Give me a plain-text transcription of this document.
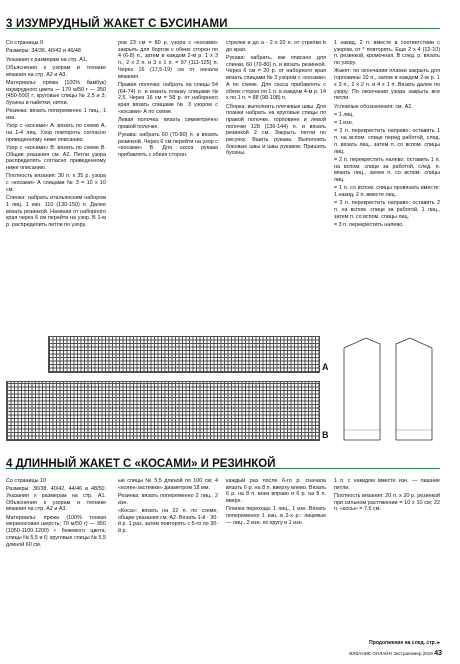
3 ИЗУМРУДНЫЙ ЖАКЕТ С БУСИНАМИ

Со страницы 9

Размеры: 34/36, 40/42 и 46/48

Указания к размерам на стр. А1.

Объяснения к узорам и технике вязания на стр. А2 и А3.

Материалы: пряжа (100% бамбук) изумрудного цвета — 170 м/50 г — 350 (450-500) г; круговые спицы № 2,5 и 3; бусины и пайетки; нитки.

Резинка: вязать попеременно 1 лиц., 1 изн.

Узор с «косами» А: вязать по схеме А, на 1-4 лиц. Узор повторять согласно приведенному ниже описанию.

Узор с «косами» В: вязать по схеме В. Общие указания см. А2. Петли узора распределять согласно приведенному ниже описанию.

Плотность вязания: 30 п. х 35 р. узора с «косами» А спицами № 3 = 10 х 10 см.

Спинка: набрать итальянским набором 1 лиц. 1 изн. 110 (130-150) п. Далее вязать резинкой. Начиная от наборного края через 6 см перейти на узор. В 1-м р. распределить петли по узору.

ров 23 см = 80 р. узора с «косами» закрыть для бортов с обеих сторон по 4 (6-8) п., затем в каждом 2-м р. 1 х 3 п., 2 х 2 п. и 3 х 1 п. = 97 (111-125) п. Через 16 (17,5-19) см от начала вязания.

Правая полочка: набрать на спицы 54 (64-74) п. и вязать планку спицами № 2,5. Через 16 см = 58 р. от наборного края вязать спицами № 3 узором с «косами» А по схеме.

Левая полочка: вязать симметрично правой полочке.

Рукава: набрать 60 (70-80) п. и вязать резинкой. Через 6 см перейти на узор с «косами» В. Для скоса рукава прибавлять с обеих сторон.

стрелки и до а - 2 х 20 п. от стрелки b до края.

Рукава: набрать, как описано для спинки, 60 (70-80) п. и вязать резинкой. Через 6 см = 20 р. от наборного края вязать спицами № 3 узором с «косами» А по схеме. Для скоса прибавлять с обеих сторон по 1 п. в каждом 4-м р. 14 х по 1 п. = 88 (98-108) п.

Сборка: выполнить плечевые швы. Для планки набрать на круговые спицы по правой полочке, горловине и левой полочке 128 (136-144) п. и вязать резинкой 2 см. Закрыть петли по рисунку. Вшить рукава. Выполнить боковые швы и швы рукавов. Пришить бусины.

1 накид, 2 п. вместе в соответствии с узором, от * повторять. Еще 2 х 4 (12-10) п. резинкой, кромочная. В след. р. вязать по узору.

Жакет: по окончании планки закрыть для горловины 10 п., затем в каждом 2-м р. 1 х 3 п., 2 х 2 п. и 4 х 1 п. Вязать далее по узору. По окончании узора закрыть все петли.

Условные обозначения: см. А2.

= 1 лиц.

= 1 изн.

= 2 п. перекрестить направо: оставить 1 п. на вспом. спице перед работой, след. п. вязать лиц., затем п. со вспом. спицы лиц.

= 2 п. перекрестить налево: оставить 1 п. на вспом. спице за работой, след. п. вязать лиц., затем п. со вспом. спицы лиц.

= 1 п. со вспом. спицы провязать вместе: 1 накид, 2 п. вместе лиц.

= 3 п. перекрестить направо: оставить 2 п. на вспом. спице за работой, 1 лиц., затем п. со вспом. спицы лиц.

= 3 п. перекрестить налево.

A
B
4 ДЛИННЫЙ ЖАКЕТ С «КОСАМИ» И РЕЗИНКОЙ

Со страницы 10

Размеры: 36/38, 40/42, 44/46 и 48/50. Указания к размерам на стр. А1. Объяснения к узорам и технике вязания на стр. А2 и А3.

Материалы: пряжа (100% тонкая мериносовая шерсть; 70 м/50 г) — 950 (1050-1100-1200) г бежевого цвета; спицы № 5,5 и 6; круговые спицы № 5,5 длиной 60 см.

ые спицы № 5,5 длиной по 100 см; 4 «колен-застежки» диаметром 18 мм.

Резинка: вязать попеременно 2 лиц., 2 изн.

«Коса»: вязать на 22 п. по схеме, общие указания см. А2. Вязать 1-й - 30-й р. 1 раз, затем повторять с 5-го по 30-й р.

каждый раз после 6-го р. сначала вязать 6 р. на 8 п. вверху влево. Вязать 6 р. на 8 п. вниз вправо и 6 р. на 8 п. вверх.

Планка перехода: 1 лиц., 1 изн. Вязать попеременно 1 изн. в 2-х р.: лицевые — лиц., 2 изн. по кругу и 1 изн.

1 п. с накидом вместе изн. — лишние петли.

Плотность вязания: 20 п. х 20 р. резинкой при сильном растяжении = 10 х 10 см; 22 п. «косы» = 7,5 см.

Продолжение на след. стр. ▸
ВЯЗАНИЕ ОНЛАЙН Экстраномер 2016 43
